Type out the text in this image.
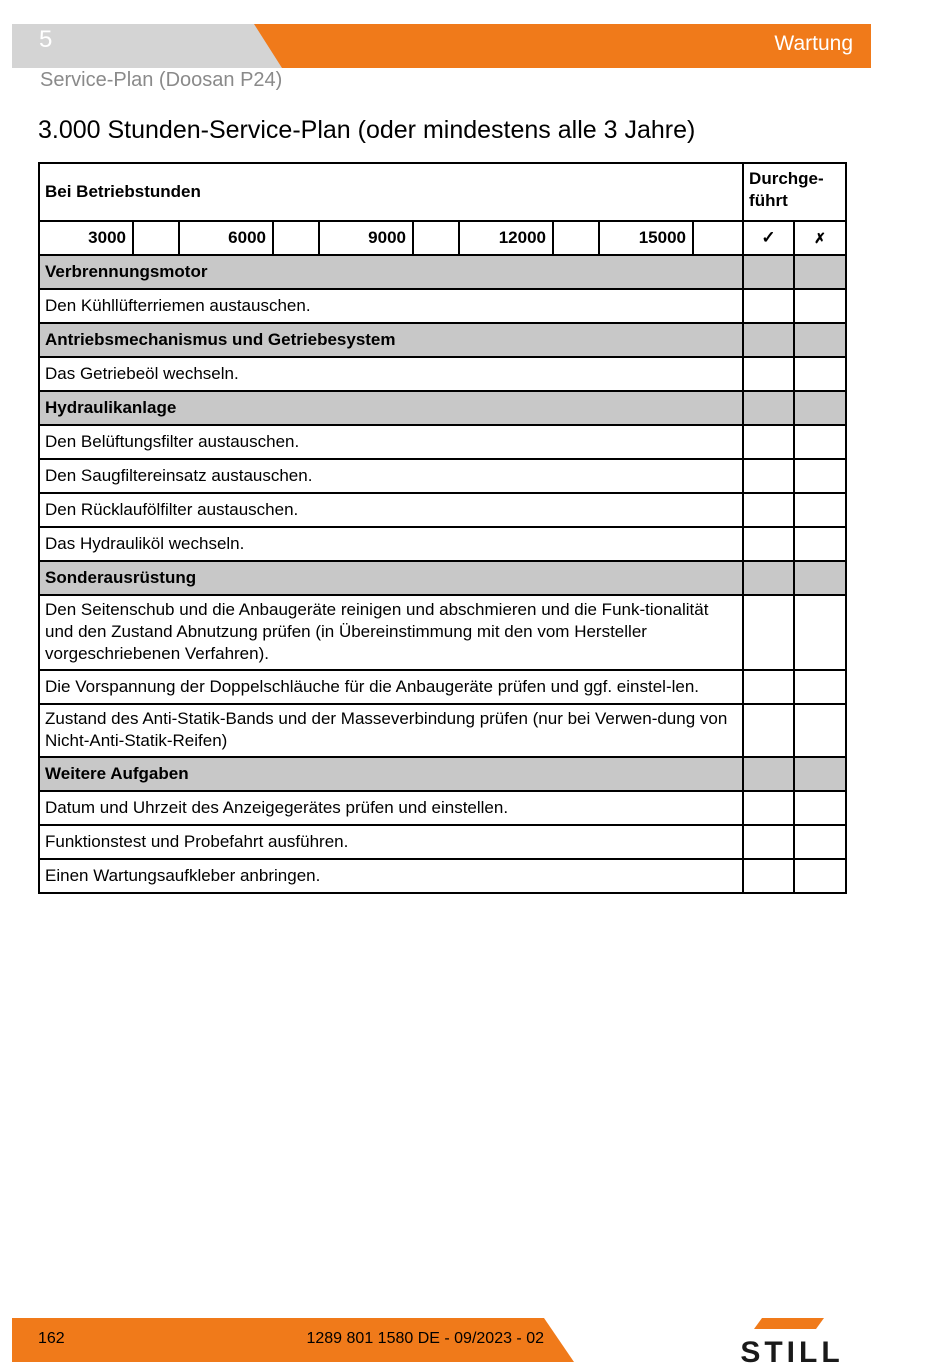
5	Wartung
Service-Plan (Doosan P24)
3.000 Stunden-Service-Plan (oder mindestens alle 3 Jahre)
Bei Betriebstunden										Durchge-
führt	
3000		6000		9000		12000		15000		✓	✗
Verbrennungsmotor											
Den Kühllüfterriemen austauschen.											
Antriebsmechanismus und Getriebesystem											
Das Getriebeöl wechseln.											
Hydraulikanlage											
Den Belüftungsfilter austauschen.											
Den Saugfiltereinsatz austauschen.											
Den Rücklaufölfilter austauschen.											
Das Hydrauliköl wechseln.											
Sonderausrüstung											
Den Seitenschub und die Anbaugeräte reinigen und abschmieren und die Funk-tionalität und den Zustand Abnutzung prüfen (in Übereinstimmung mit den vom Hersteller vorgeschriebenen Verfahren).											
Die Vorspannung der Doppelschläuche für die Anbaugeräte prüfen und ggf. einstel-len.											
Zustand des Anti-Statik-Bands und der Masseverbindung prüfen (nur bei Verwen-dung von Nicht-Anti-Statik-Reifen)											
Weitere Aufgaben											
Datum und Uhrzeit des Anzeigegerätes prüfen und einstellen.											
Funktionstest und Probefahrt ausführen.											
Einen Wartungsaufkleber anbringen.											
162	1289 801 1580 DE - 09/2023 - 02	STILL
